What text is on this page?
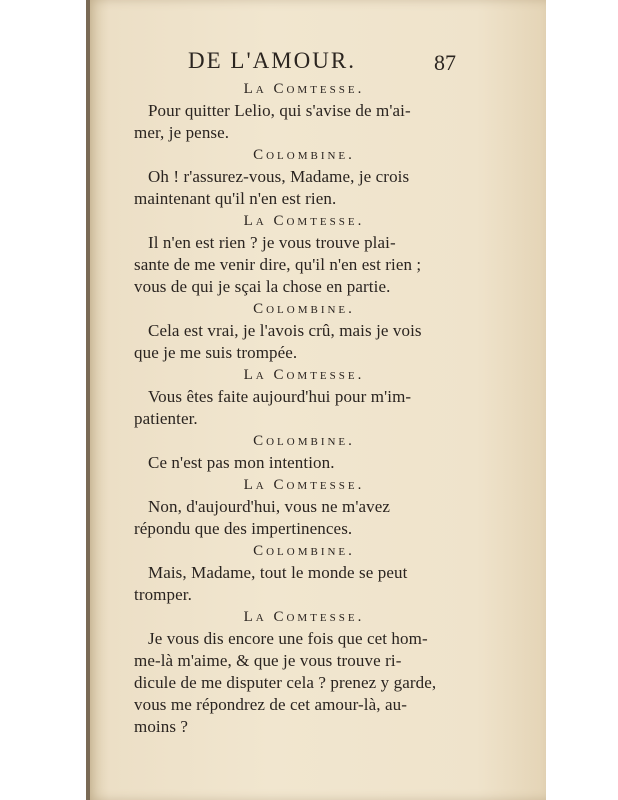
DE L'AMOUR.	87
La Comtesse.
Pour quitter Lelio, qui s'avise de m'ai-
mer, je pense.
Colombine.
Oh ! r'assurez-vous, Madame, je crois
maintenant qu'il n'en est rien.
La Comtesse.
Il n'en est rien ? je vous trouve plai-
sante de me venir dire, qu'il n'en est rien ;
vous de qui je sçai la chose en partie.
Colombine.
Cela est vrai, je l'avois crû, mais je vois
que je me suis trompée.
La Comtesse.
Vous êtes faite aujourd'hui pour m'im-
patienter.
Colombine.
Ce n'est pas mon intention.
La Comtesse.
Non, d'aujourd'hui, vous ne m'avez
répondu que des impertinences.
Colombine.
Mais, Madame, tout le monde se peut
tromper.
La Comtesse.
Je vous dis encore une fois que cet hom-
me-là m'aime, & que je vous trouve ri-
dicule de me disputer cela ? prenez y garde,
vous me répondrez de cet amour-là, au-
moins ?
